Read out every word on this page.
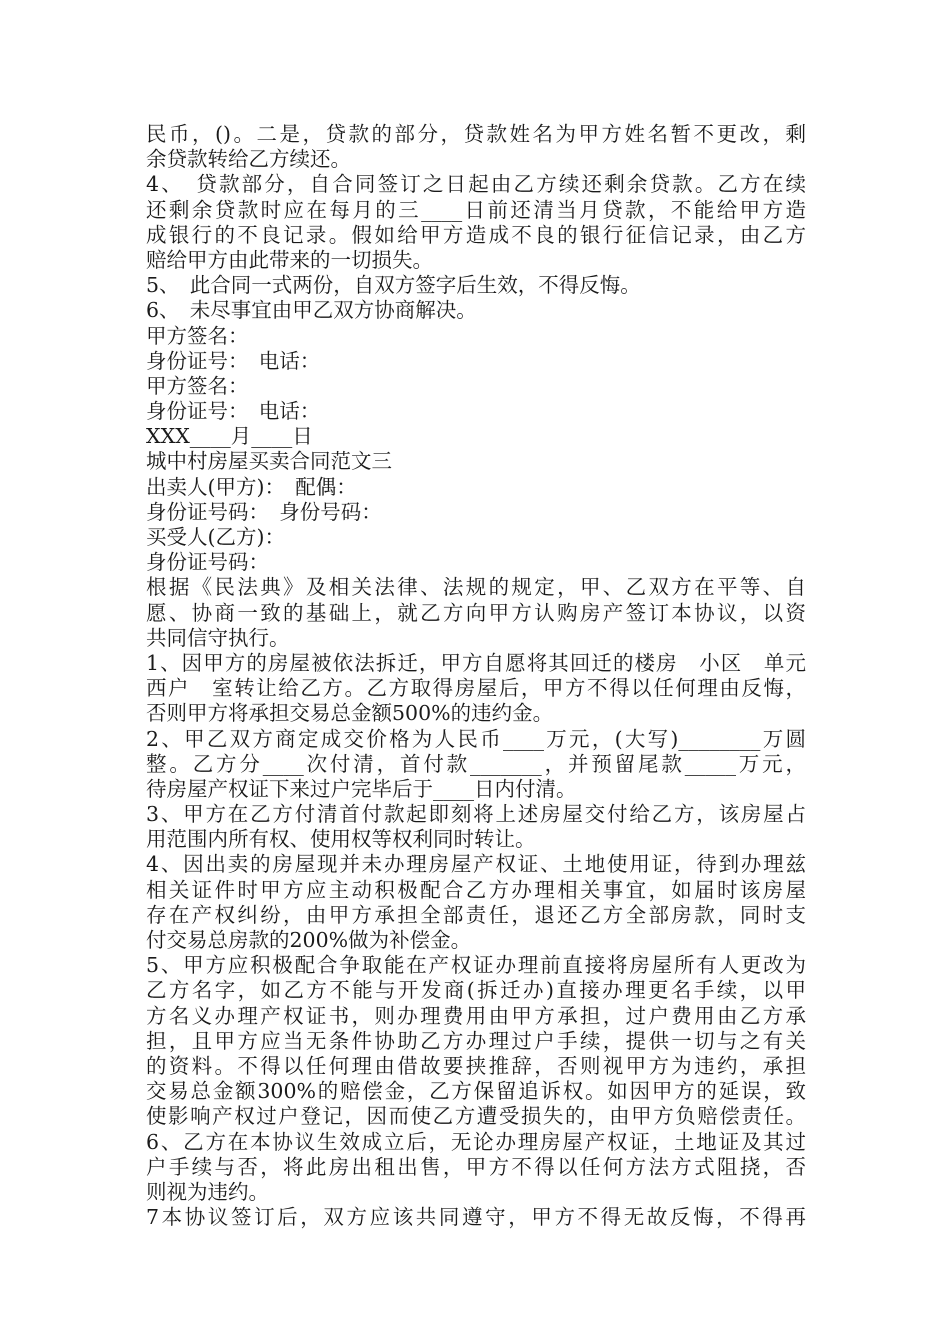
民币，()。二是，贷款的部分，贷款姓名为甲方姓名暂不更改，剩
余贷款转给乙方续还。
4、　贷款部分，自合同签订之日起由乙方续还剩余贷款。乙方在续
还剩余贷款时应在每月的三____日前还清当月贷款，不能给甲方造
成银行的不良记录。假如给甲方造成不良的银行征信记录，由乙方
赔给甲方由此带来的一切损失。
5、　此合同一式两份，自双方签字后生效，不得反悔。
6、　未尽事宜由甲乙双方协商解决。
甲方签名：
身份证号：　电话：
甲方签名：
身份证号：　电话：
XXX____月____日
城中村房屋买卖合同范文三
出卖人(甲方)：　配偶：
身份证号码：　身份号码：
买受人(乙方)：
身份证号码：
根据《民法典》及相关法律、法规的规定，甲、乙双方在平等、自
愿、协商一致的基础上，就乙方向甲方认购房产签订本协议，以资
共同信守执行。
1、因甲方的房屋被依法拆迁，甲方自愿将其回迁的楼房　小区　单元
西户　室转让给乙方。乙方取得房屋后，甲方不得以任何理由反悔，
否则甲方将承担交易总金额500%的违约金。
2、甲乙双方商定成交价格为人民币____万元，(大写)________万圆
整。乙方分____次付清，首付款_______，并预留尾款_____万元，
待房屋产权证下来过户完毕后于____日内付清。
3、甲方在乙方付清首付款起即刻将上述房屋交付给乙方，该房屋占
用范围内所有权、使用权等权利同时转让。
4、因出卖的房屋现并未办理房屋产权证、土地使用证，待到办理兹
相关证件时甲方应主动积极配合乙方办理相关事宜，如届时该房屋
存在产权纠纷，由甲方承担全部责任，退还乙方全部房款，同时支
付交易总房款的200%做为补偿金。
5、甲方应积极配合争取能在产权证办理前直接将房屋所有人更改为
乙方名字，如乙方不能与开发商(拆迁办)直接办理更名手续，以甲
方名义办理产权证书，则办理费用由甲方承担，过户费用由乙方承
担，且甲方应当无条件协助乙方办理过户手续，提供一切与之有关
的资料。不得以任何理由借故要挟推辞，否则视甲方为违约，承担
交易总金额300%的赔偿金，乙方保留追诉权。如因甲方的延误，致
使影响产权过户登记，因而使乙方遭受损失的，由甲方负赔偿责任。
6、乙方在本协议生效成立后，无论办理房屋产权证，土地证及其过
户手续与否，将此房出租出售，甲方不得以任何方法方式阻挠，否
则视为违约。
7本协议签订后，双方应该共同遵守，甲方不得无故反悔，不得再
